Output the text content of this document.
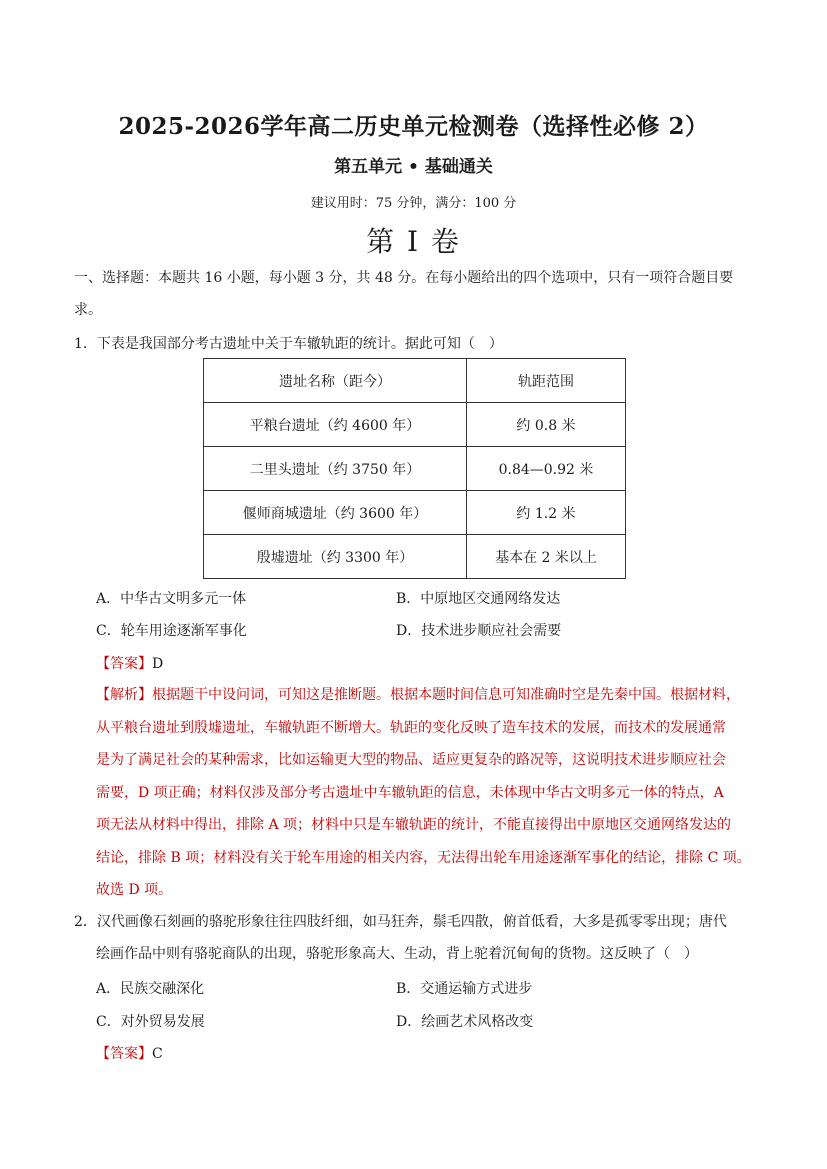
2025-2026学年高二历史单元检测卷（选择性必修 2）
第五单元 • 基础通关
建议用时：75 分钟，满分：100 分
第 I 卷
一、选择题：本题共 16 小题，每小题 3 分，共 48 分。在每小题给出的四个选项中，只有一项符合题目要求。
1．下表是我国部分考古遗址中关于车辙轨距的统计。据此可知（　）
遗址名称（距今）	轨距范围
平粮台遗址（约 4600 年）	约 0.8 米
二里头遗址（约 3750 年）	0.84—0.92 米
偃师商城遗址（约 3600 年）	约 1.2 米
殷墟遗址（约 3300 年）	基本在 2 米以上
A．中华古文明多元一体	B．中原地区交通网络发达
C．轮车用途逐渐军事化	D．技术进步顺应社会需要
【答案】D
【解析】根据题干中设问词，可知这是推断题。根据本题时间信息可知准确时空是先秦中国。根据材料，
从平粮台遗址到殷墟遗址，车辙轨距不断增大。轨距的变化反映了造车技术的发展，而技术的发展通常
是为了满足社会的某种需求，比如运输更大型的物品、适应更复杂的路况等，这说明技术进步顺应社会
需要，D 项正确；材料仅涉及部分考古遗址中车辙轨距的信息，未体现中华古文明多元一体的特点，A
项无法从材料中得出，排除 A 项；材料中只是车辙轨距的统计，不能直接得出中原地区交通网络发达的
结论，排除 B 项；材料没有关于轮车用途的相关内容，无法得出轮车用途逐渐军事化的结论，排除 C 项。
故选 D 项。
2．汉代画像石刻画的骆驼形象往往四肢纤细，如马狂奔，鬃毛四散，俯首低看，大多是孤零零出现；唐代
绘画作品中则有骆驼商队的出现，骆驼形象高大、生动，背上驼着沉甸甸的货物。这反映了（　）
A．民族交融深化	B．交通运输方式进步
C．对外贸易发展	D．绘画艺术风格改变
【答案】C
